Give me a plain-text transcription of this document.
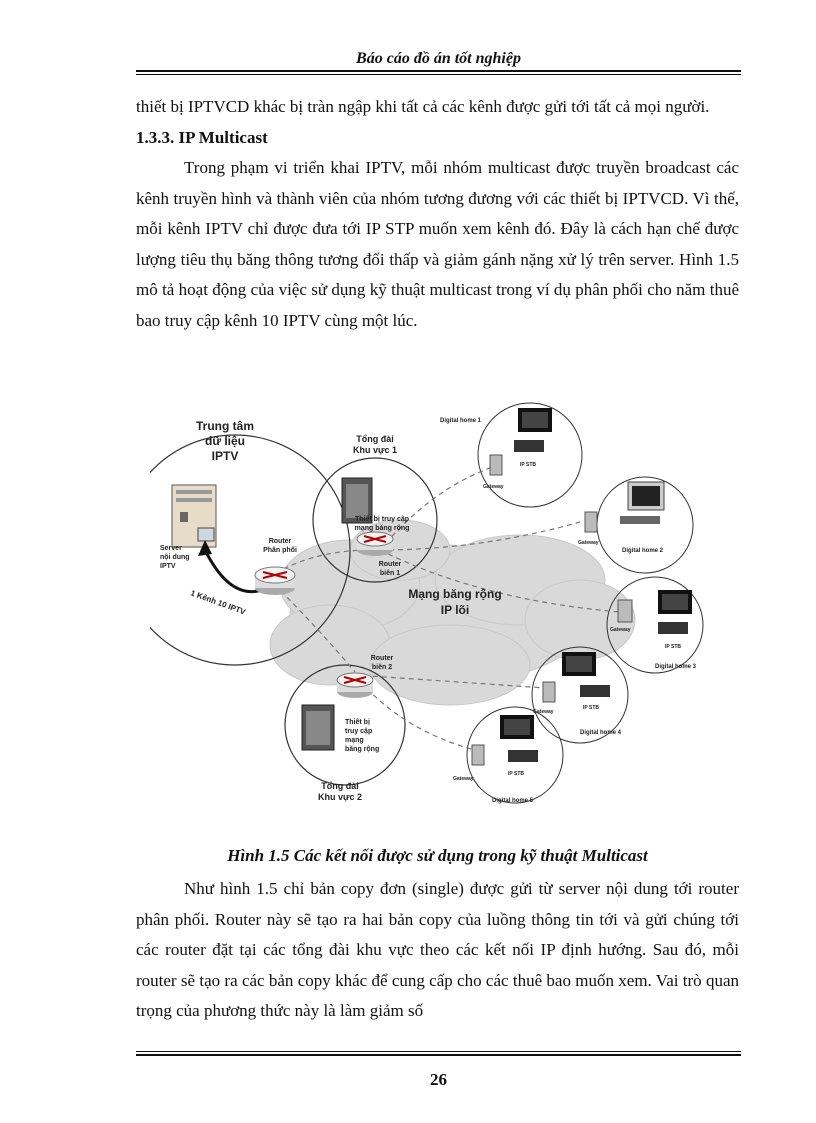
Báo cáo đồ án tốt nghiệp

thiết bị IPTVCD khác bị tràn ngập khi tất cả các kênh được gửi tới tất cả mọi người.

1.3.3. IP Multicast

Trong phạm vi triển khai IPTV, mỗi nhóm multicast được truyền broadcast các kênh truyền hình và thành viên của nhóm tương đương với các thiết bị IPTVCD. Vì thế, mỗi kênh IPTV chỉ được đưa tới IP STP muốn xem kênh đó. Đây là cách hạn chế được lượng tiêu thụ băng thông tương đối thấp và giảm gánh nặng xử lý trên server. Hình 1.5 mô tả hoạt động của việc sử dụng kỹ thuật multicast trong ví dụ phân phối cho năm thuê bao truy cập kênh 10 IPTV cùng một lúc.

Trung tâm
dữ liệu
IPTV
Server
nội dung
IPTV
Router
Phân phối
1 Kênh 10 IPTV
Tổng đài
Khu vực 1
Thiết bị truy cập
mạng băng rộng
Router
biên 1
Mạng băng rộng
IP lõi
Router
biên 2
Thiết bị
truy cập
mạng
băng rộng
Tổng đài
Khu vực 2
Digital home 1
Digital home 2
Digital home 3
Digital home 4
Digital home 5
Gateway
Gateway
Gateway
Gateway
Gateway
IP STB
IP STB
IP STB
IP STB
Hình 1.5 Các kết nối được sử dụng trong kỹ thuật Multicast

Như hình 1.5 chỉ bản copy đơn (single) được gửi từ server nội dung tới router phân phối. Router này sẽ tạo ra hai bản copy của luồng thông tin tới và gửi chúng tới các router đặt tại các tổng đài khu vực theo các kết nối IP định hướng. Sau đó, mỗi router sẽ tạo ra các bản copy khác để cung cấp cho các thuê bao muốn xem. Vai trò quan trọng của phương thức này là làm giảm số

26
